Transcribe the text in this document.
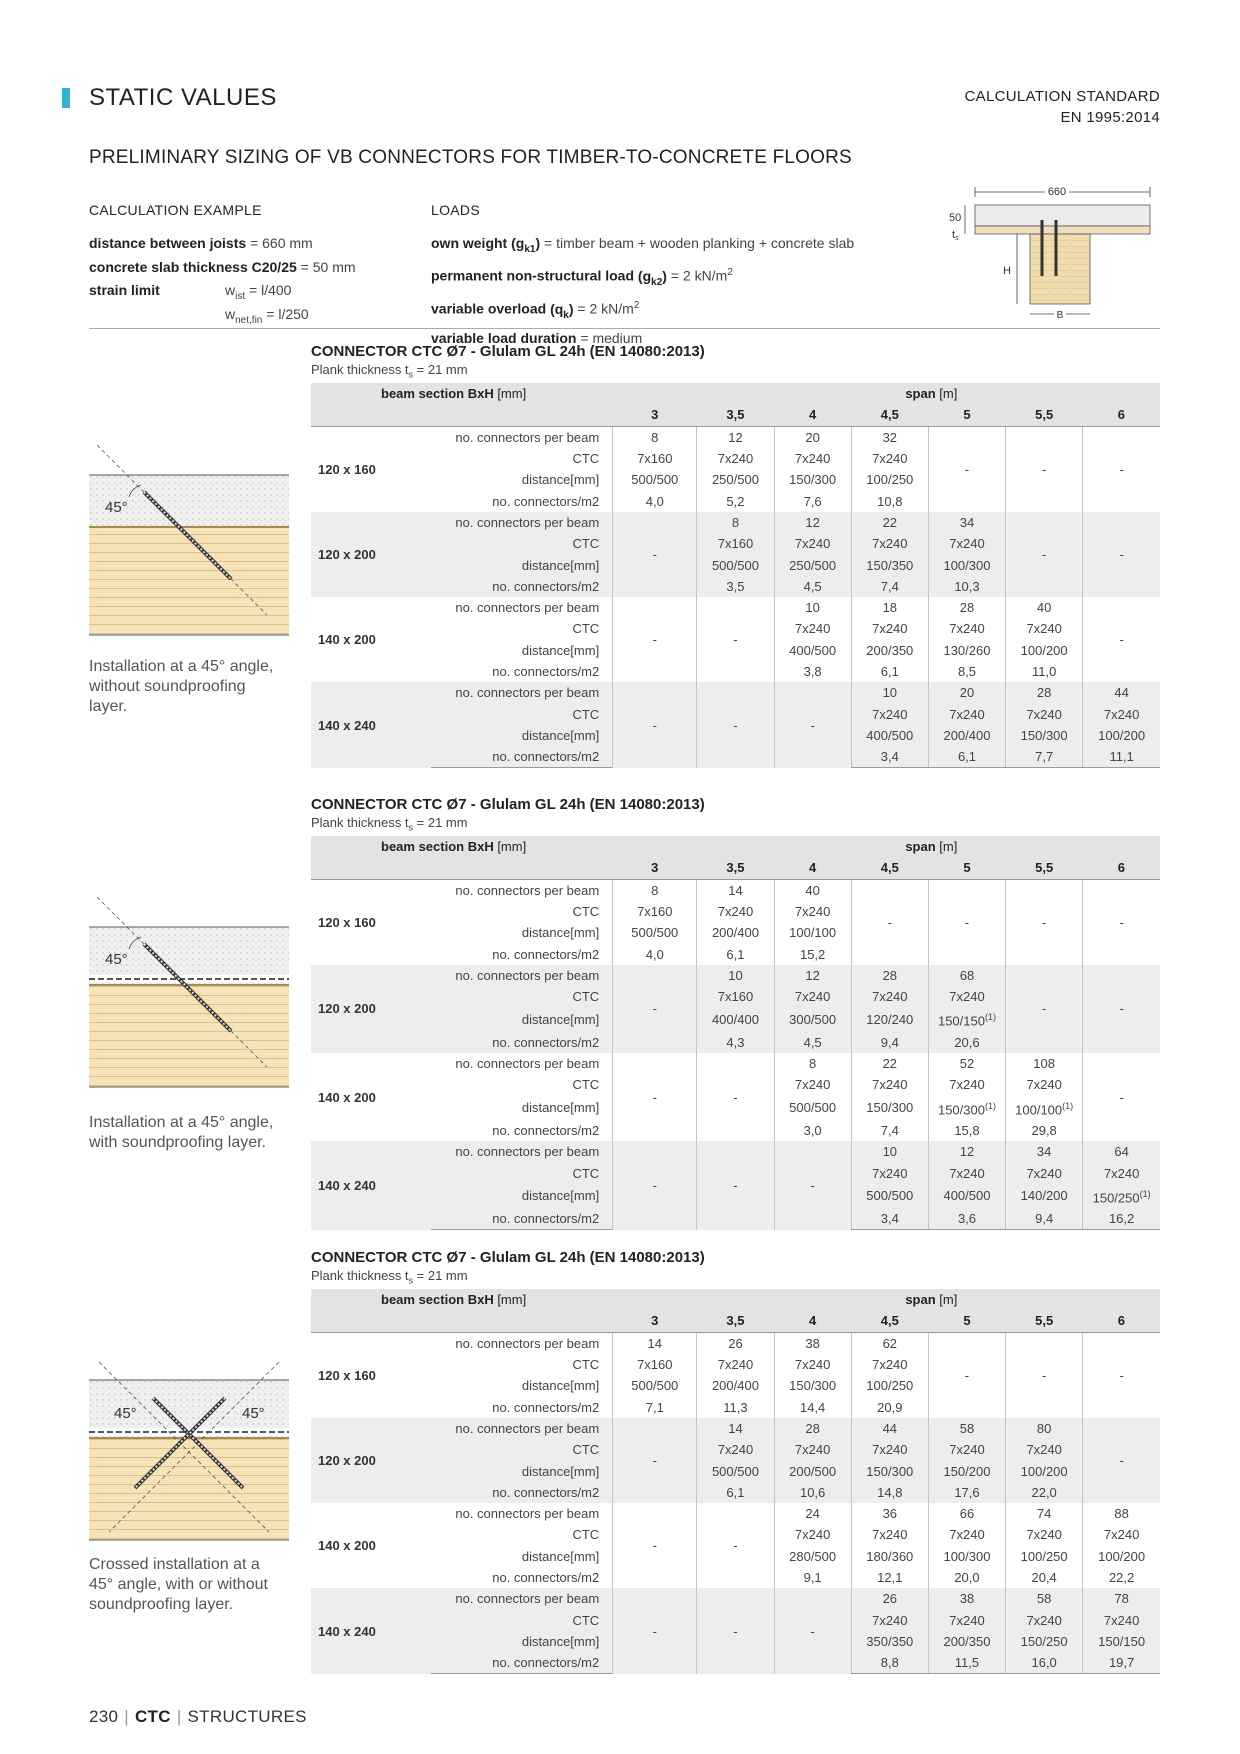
STATIC VALUES	CALCULATION STANDARD
EN 1995:2014
PRELIMINARY SIZING OF VB CONNECTORS FOR TIMBER-TO-CONCRETE FLOORS
CALCULATION EXAMPLE
distance between joists = 660 mm
concrete slab thickness C20/25 = 50 mm
strain limit	$w_{ist} = l/400$
$w_{net,fin} = l/250$
LOADS
own weight $(g_{k1})$ = timber beam + wooden planking + concrete slab
permanent non-structural load $(g_{k2}) = 2$ $kN/m^2$
variable overload $(q_k) = 2$ $kN/m^2$
variable load duration = medium
660
50
ts
H
B
CONNECTOR CTC Ø7 - Glulam GL 24h (EN 14080:2013)
Plank thickness $t_s = 21$ mm
beam section BxH [mm]		span [m]						
		3	3,5	4	4,5	5	5,5	6
120 x 160	no. connectors per beam	8	12	20	32	-	-	-
	CTC	7x160	7x240	7x240	7x240			
	distance[mm]	500/500	250/500	150/300	100/250			
	no. connectors/m2	4,0	5,2	7,6	10,8			
120 x 200	no. connectors per beam	-	8	12	22	34	-	-
	CTC		7x160	7x240	7x240	7x240		
	distance[mm]		500/500	250/500	150/350	100/300		
	no. connectors/m2		3,5	4,5	7,4	10,3		
140 x 200	no. connectors per beam	-	-	10	18	28	40	-
	CTC			7x240	7x240	7x240	7x240	
	distance[mm]			400/500	200/350	130/260	100/200	
	no. connectors/m2			3,8	6,1	8,5	11,0	
140 x 240	no. connectors per beam	-	-	-	10	20	28	44
	CTC				7x240	7x240	7x240	7x240
	distance[mm]				400/500	200/400	150/300	100/200
	no. connectors/m2				3,4	6,1	7,7	11,1
CONNECTOR CTC Ø7 - Glulam GL 24h (EN 14080:2013)
Plank thickness $t_s = 21$ mm
beam section BxH [mm]		span [m]						
		3	3,5	4	4,5	5	5,5	6
120 x 160	no. connectors per beam	8	14	40	-	-	-	-
	CTC	7x160	7x240	7x240				
	distance[mm]	500/500	200/400	100/100				
	no. connectors/m2	4,0	6,1	15,2				
120 x 200	no. connectors per beam	-	10	12	28	68	-	-
	CTC		7x160	7x240	7x240	7x240		
	distance[mm]		400/400	300/500	120/240	150/150$^{(1)}$
	no. connectors/m2		4,3	4,5	9,4	20,6		
140 x 200	no. connectors per beam	-	-	8	22	52	108	-
	CTC			7x240	7x240	7x240	7x240	
	distance[mm]			500/500	150/300	150/300$^{(1)}$	100/100$^{(1)}$
	no. connectors/m2			3,0	7,4	15,8	29,8	
140 x 240	no. connectors per beam	-	-	-	10	12	34	64
	CTC				7x240	7x240	7x240	7x240
	distance[mm]				500/500	400/500	140/200	150/250$^{(1)}$
	no. connectors/m2				3,4	3,6	9,4	16,2
CONNECTOR CTC Ø7 - Glulam GL 24h (EN 14080:2013)
Plank thickness $t_s = 21$ mm
beam section BxH [mm]		span [m]						
		3	3,5	4	4,5	5	5,5	6
120 x 160	no. connectors per beam	14	26	38	62	-	-	-
	CTC	7x160	7x240	7x240	7x240			
	distance[mm]	500/500	200/400	150/300	100/250			
	no. connectors/m2	7,1	11,3	14,4	20,9			
120 x 200	no. connectors per beam	-	14	28	44	58	80	-
	CTC		7x240	7x240	7x240	7x240	7x240	
	distance[mm]		500/500	200/500	150/300	150/200	100/200	
	no. connectors/m2		6,1	10,6	14,8	17,6	22,0	
140 x 200	no. connectors per beam	-	-	24	36	66	74	88
	CTC			7x240	7x240	7x240	7x240	7x240
	distance[mm]			280/500	180/360	100/300	100/250	100/200
	no. connectors/m2			9,1	12,1	20,0	20,4	22,2
140 x 240	no. connectors per beam	-	-	-	26	38	58	78
	CTC				7x240	7x240	7x240	7x240
	distance[mm]				350/350	200/350	150/250	150/150
	no. connectors/m2				8,8	11,5	16,0	19,7
45°
Installation at a 45° angle,
without soundproofing
layer.
45°
Installation at a 45° angle,
with soundproofing layer.
45°	45°
Crossed installation at a
45° angle, with or without
soundproofing layer.
230 | CTC | STRUCTURES
